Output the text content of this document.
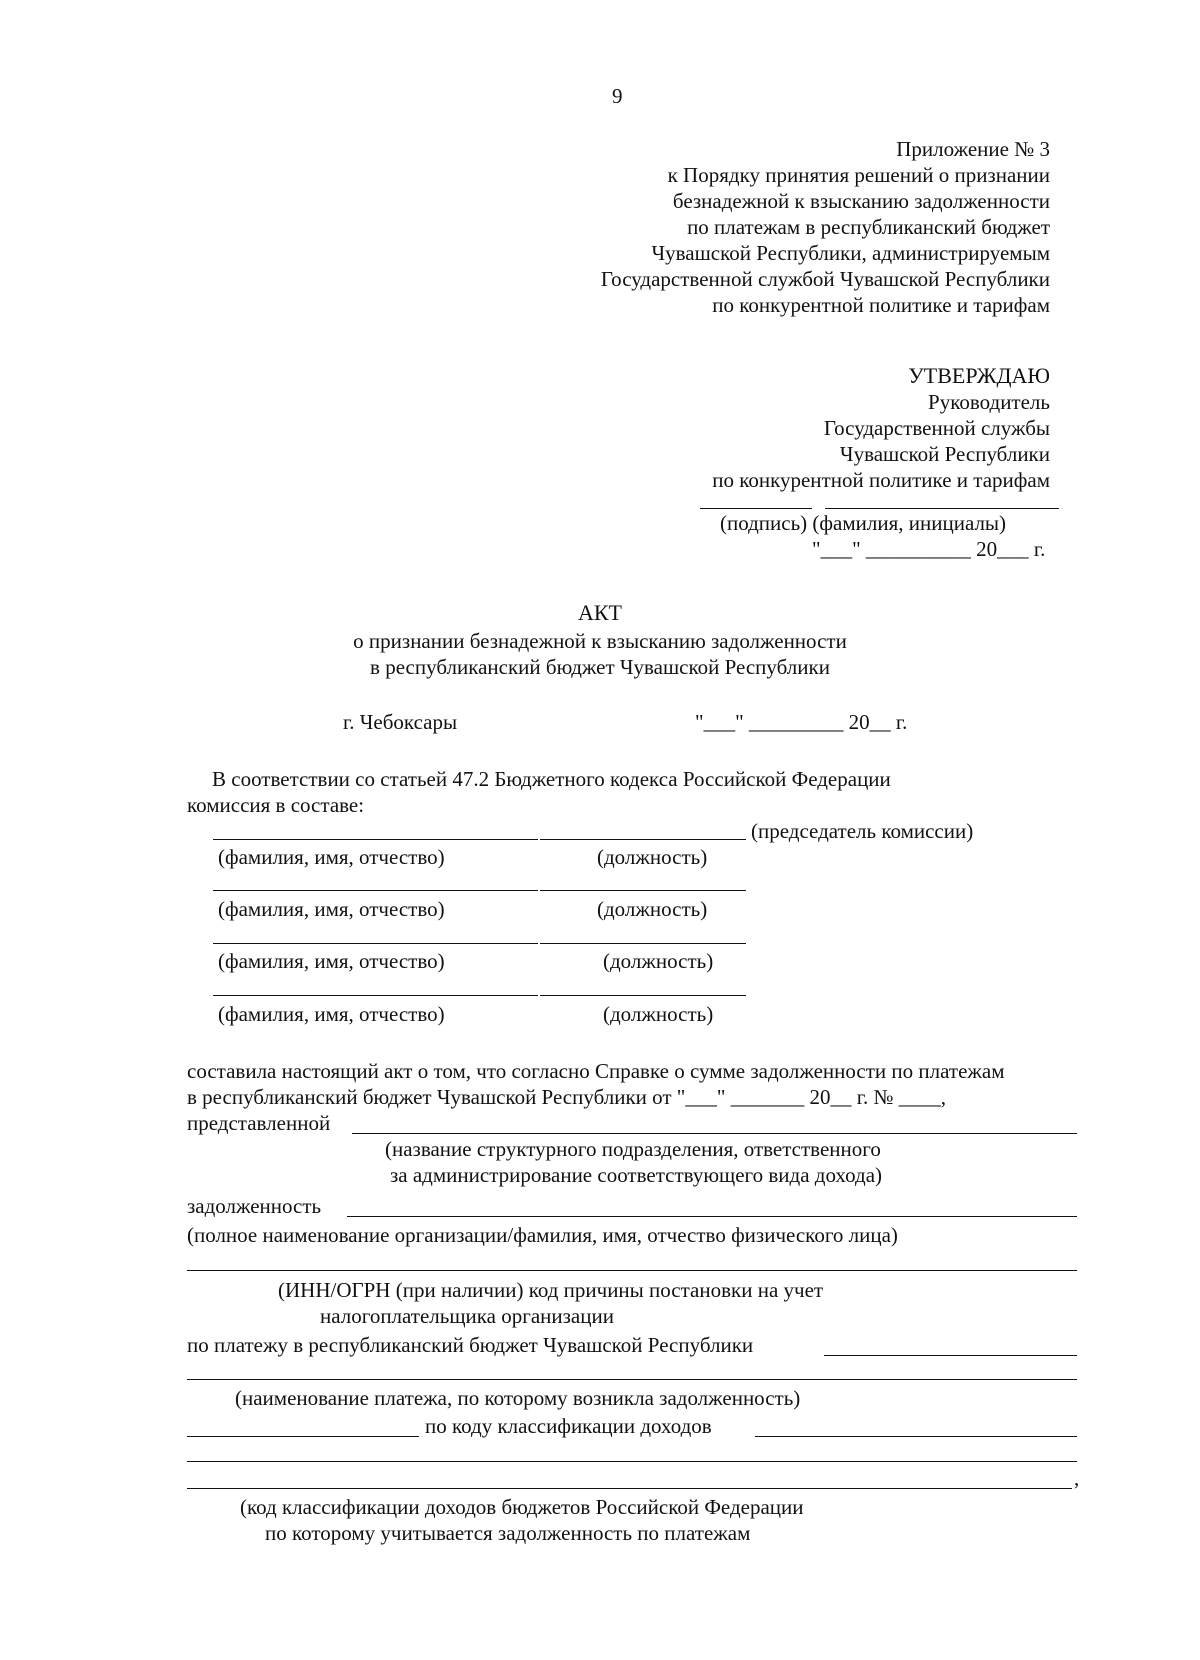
9
Приложение № 3
к Порядку принятия решений о признании
безнадежной к взысканию задолженности
по платежам в республиканский бюджет
Чувашской Республики, администрируемым
Государственной службой Чувашской Республики
по конкурентной политике и тарифам
УТВЕРЖДАЮ
Руководитель
Государственной службы
Чувашской Республики
по конкурентной политике и тарифам
(подпись) (фамилия, инициалы)
"___" __________ 20___ г.
АКТ
о признании безнадежной к взысканию задолженности
в республиканский бюджет Чувашской Республики
г. Чебоксары	"___" _________ 20__ г.
В соответствии со статьей 47.2 Бюджетного кодекса Российской Федерации
комиссия в составе:
(председатель комиссии)
(фамилия, имя, отчество)	(должность)
(фамилия, имя, отчество)	(должность)
(фамилия, имя, отчество)	(должность)
(фамилия, имя, отчество)	(должность)
составила настоящий акт о том, что согласно Справке о сумме задолженности по платежам
в республиканский бюджет Чувашской Республики от "___" _______ 20__ г. № ____,
представленной
(название структурного подразделения, ответственного
за администрирование соответствующего вида дохода)
задолженность
(полное наименование организации/фамилия, имя, отчество физического лица)
(ИНН/ОГРН (при наличии) код причины постановки на учет
налогоплательщика организации
по платежу в республиканский бюджет Чувашской Республики
(наименование платежа, по которому возникла задолженность)
по коду классификации доходов
,
(код классификации доходов бюджетов Российской Федерации
по которому учитывается задолженность по платежам
